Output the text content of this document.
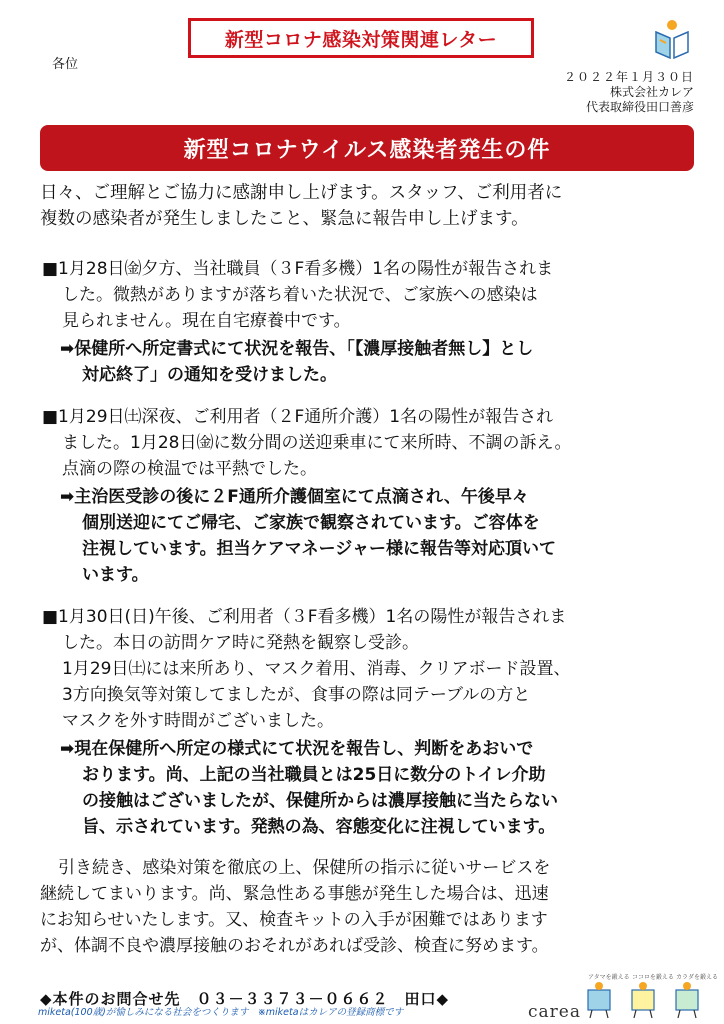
新型コロナ感染対策関連レター
各位
２０２２年１月３０日
株式会社カレア
代表取締役田口善彦
新型コロナウイルス感染者発生の件
日々、ご理解とご協力に感謝申し上げます。スタッフ、ご利用者に
複数の感染者が発生しましたこと、緊急に報告申し上げます。
■1月28日㈮夕方、当社職員（３F看多機）1名の陽性が報告されま
した。微熱がありますが落ち着いた状況で、ご家族への感染は
見られません。現在自宅療養中です。
➡保健所へ所定書式にて状況を報告、「【濃厚接触者無し】とし
対応終了」の通知を受けました。
■1月29日㈯深夜、ご利用者（２F通所介護）1名の陽性が報告され
ました。1月28日㈮に数分間の送迎乗車にて来所時、不調の訴え。
点滴の際の検温では平熱でした。
➡主治医受診の後に２F通所介護個室にて点滴され、午後早々
個別送迎にてご帰宅、ご家族で観察されています。ご容体を
注視しています。担当ケアマネージャー様に報告等対応頂いて
います。
■1月30日(日)午後、ご利用者（３F看多機）1名の陽性が報告されま
した。本日の訪問ケア時に発熱を観察し受診。
1月29日㈯には来所あり、マスク着用、消毒、クリアボード設置、
3方向換気等対策してましたが、食事の際は同テーブルの方と
マスクを外す時間がございました。
➡現在保健所へ所定の様式にて状況を報告し、判断をあおいで
おります。尚、上記の当社職員とは25日に数分のトイレ介助
の接触はございましたが、保健所からは濃厚接触に当たらない
旨、示されています。発熱の為、容態変化に注視しています。
引き続き、感染対策を徹底の上、保健所の指示に従いサービスを
継続してまいります。尚、緊急性ある事態が発生した場合は、迅速
にお知らせいたします。又、検査キットの入手が困難ではあります
が、体調不良や濃厚接触のおそれがあれば受診、検査に努めます。
◆本件のお問合せ先　０３－３３７３－０６６２　田口◆
miketa(100歳)が愉しみになる社会をつくります　※miketaはカレアの登録商標です	carea
アタマを鍛える ココロを鍛える カラダを鍛える
